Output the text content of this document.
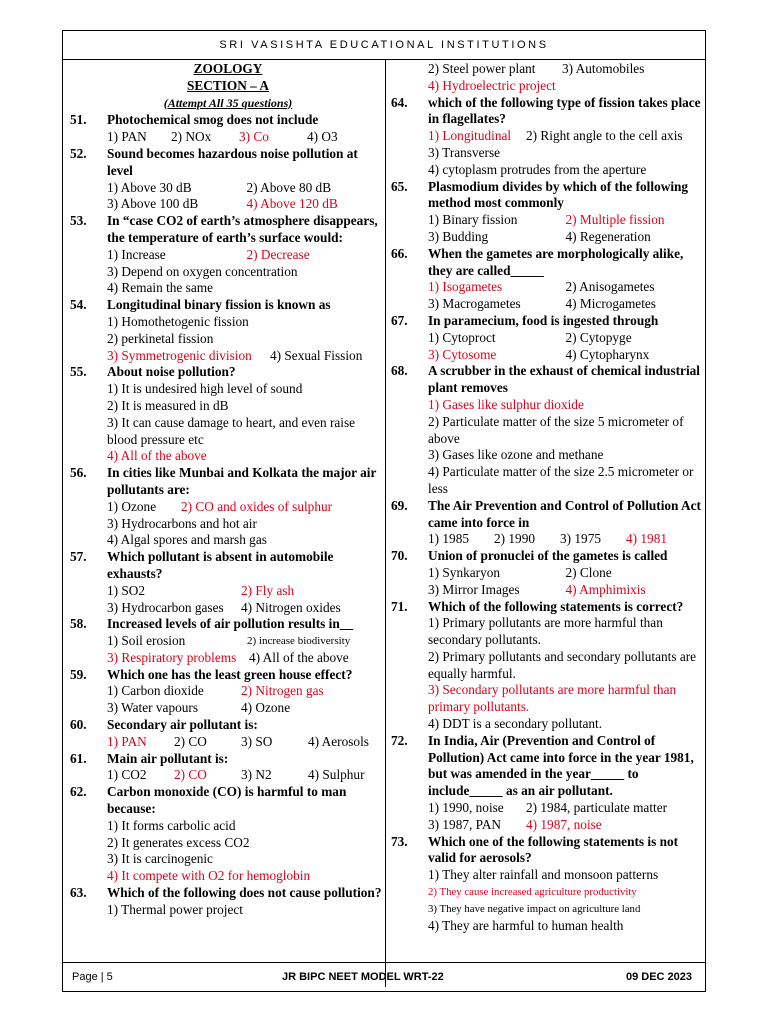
SRI VASISHTA EDUCATIONAL INSTITUTIONS
ZOOLOGY
SECTION – A
(Attempt All 35 questions)
51.	Photochemical smog does not include
1) PAN	2) NOx	3) Co	4) O3
52.	Sound becomes hazardous noise pollution at level
1) Above 30 dB	2) Above 80 dB
3) Above 100 dB	4) Above 120 dB
53.	In “case CO2 of earth’s atmosphere disappears, the temperature of earth’s surface would:
1) Increase	2) Decrease
3) Depend on oxygen concentration
4) Remain the same
54.	Longitudinal binary fission is known as
1) Homothetogenic fission
2) perkinetal fission
3) Symmetrogenic division	4) Sexual Fission
55.	About noise pollution?
1) It is undesired high level of sound
2) It is measured in dB
3) It can cause damage to heart, and even raise blood pressure etc
4) All of the above
56.	In cities like Munbai and Kolkata the major air pollutants are:
1) Ozone	2) CO and oxides of sulphur
3) Hydrocarbons and hot air
4) Algal spores and marsh gas
57.	Which pollutant is absent in automobile exhausts?
1) SO2	2) Fly ash
3) Hydrocarbon gases	4) Nitrogen oxides
58.	Increased levels of air pollution results in__
1) Soil erosion	2) increase biodiversity
3) Respiratory problems 4) All of the above
59.	Which one has the least green house effect?
1) Carbon dioxide	2) Nitrogen gas
3) Water vapours	4) Ozone
60.	Secondary air pollutant is:
1) PAN	2) CO	3) SO	4) Aerosols
61.	Main air pollutant is:
1) CO2	2) CO	3) N2	4) Sulphur
62.	Carbon monoxide (CO) is harmful to man because:
1) It forms carbolic acid
2) It generates excess CO2
3) It is carcinogenic
4) It compete with O2 for hemoglobin
63.	Which of the following does not cause pollution?
1) Thermal power project
2) Steel power plant	3) Automobiles
4) Hydroelectric project
64.	which of the following type of fission takes place in flagellates?
1) Longitudinal	2) Right angle to the cell axis
3) Transverse
4) cytoplasm protrudes from the aperture
65.	Plasmodium divides by which of the following method most commonly
1) Binary fission	2) Multiple fission
3) Budding	4) Regeneration
66.	When the gametes are morphologically alike, they are called_____
1) Isogametes	2) Anisogametes
3) Macrogametes	4) Microgametes
67.	In paramecium, food is ingested through
1) Cytoproct	2) Cytopyge
3) Cytosome	4) Cytopharynx
68.	A scrubber in the exhaust of chemical industrial plant removes
1) Gases like sulphur dioxide
2) Particulate matter of the size 5 micrometer of above
3) Gases like ozone and methane
4) Particulate matter of the size 2.5 micrometer or less
69.	The Air Prevention and Control of Pollution Act came into force in
1) 1985	2) 1990	3) 1975	4) 1981
70.	Union of pronuclei of the gametes is called
1) Synkaryon	2) Clone
3) Mirror Images	4) Amphimixis
71.	Which of the following statements is correct?
1) Primary pollutants are more harmful than secondary pollutants.
2) Primary pollutants and secondary pollutants are equally harmful.
3) Secondary pollutants are more harmful than primary pollutants.
4) DDT is a secondary pollutant.
72.	In India, Air (Prevention and Control of Pollution) Act came into force in the year 1981, but was amended in the year_____ to include_____ as an air pollutant.
1) 1990, noise	2) 1984, particulate matter
3) 1987, PAN	4) 1987, noise
73.	Which one of the following statements is not valid for aerosols?
1) They alter rainfall and monsoon patterns
2) They cause increased agriculture productivity
3) They have negative impact on agriculture land
4) They are harmful to human health
Page | 5	JR BIPC NEET MODEL WRT-22	09 DEC 2023
